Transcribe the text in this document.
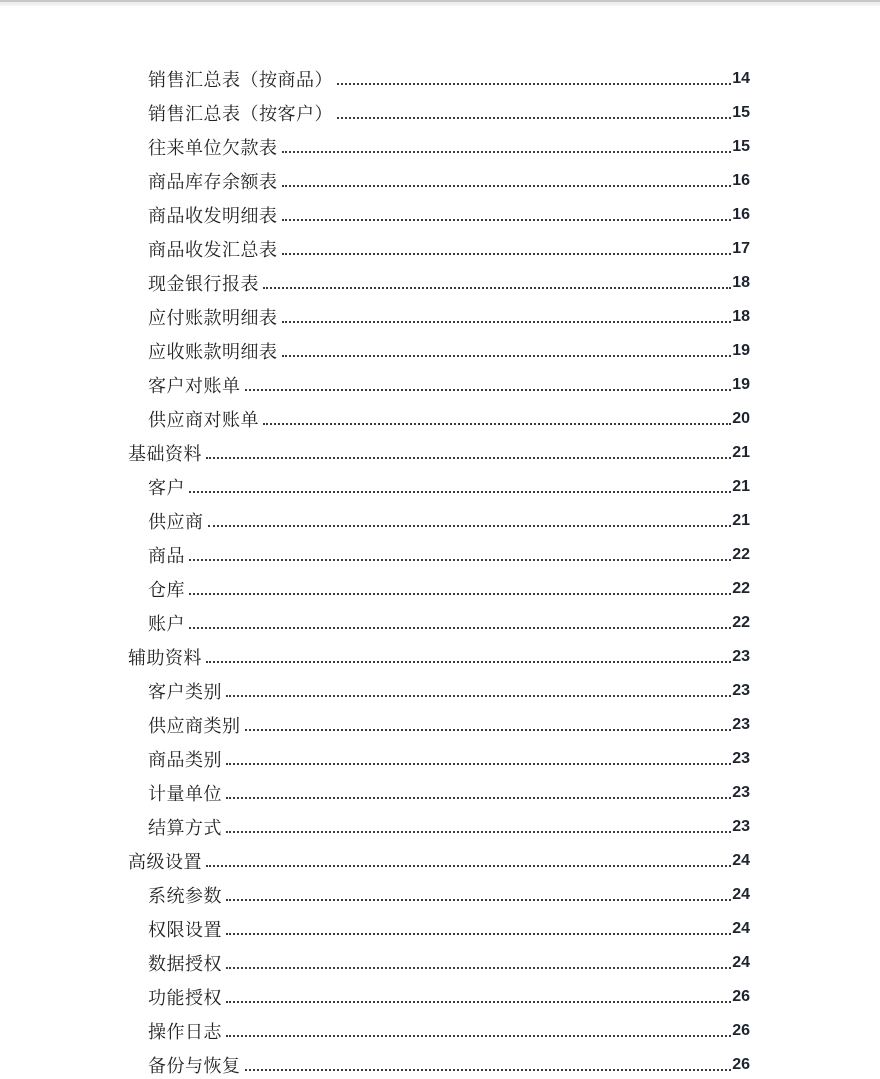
销售汇总表（按商品）	14
销售汇总表（按客户）	15
往来单位欠款表	15
商品库存余额表	16
商品收发明细表	16
商品收发汇总表	17
现金银行报表	18
应付账款明细表	18
应收账款明细表	19
客户对账单	19
供应商对账单	20
基础资料	21
客户	21
供应商	21
商品	22
仓库	22
账户	22
辅助资料	23
客户类别	23
供应商类别	23
商品类别	23
计量单位	23
结算方式	23
高级设置	24
系统参数	24
权限设置	24
数据授权	24
功能授权	26
操作日志	26
备份与恢复	26
